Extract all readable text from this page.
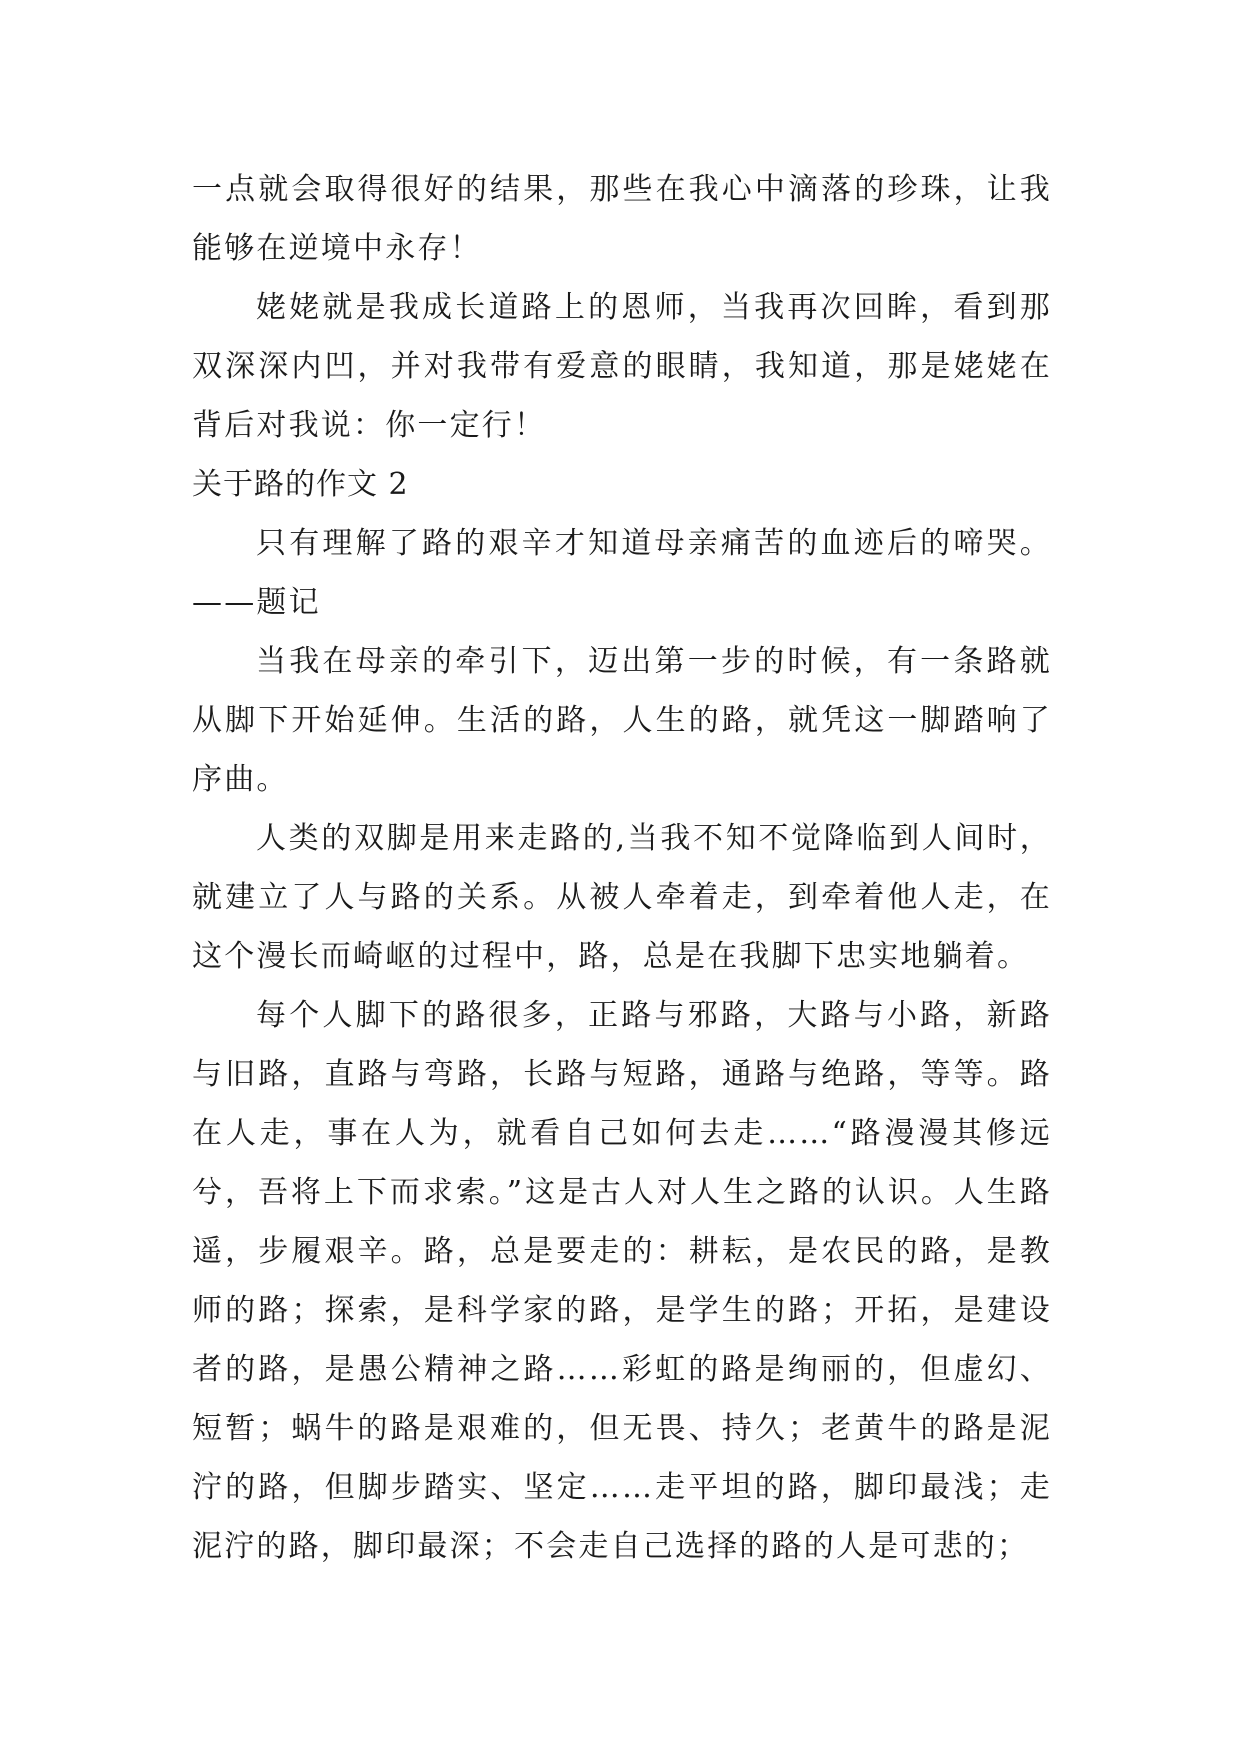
一点就会取得很好的结果，那些在我心中滴落的珍珠，让我能够在逆境中永存！

姥姥就是我成长道路上的恩师，当我再次回眸，看到那双深深内凹，并对我带有爱意的眼睛，我知道，那是姥姥在背后对我说：你一定行！

关于路的作文 2

只有理解了路的艰辛才知道母亲痛苦的血迹后的啼哭。——题记

当我在母亲的牵引下，迈出第一步的时候，有一条路就从脚下开始延伸。生活的路，人生的路，就凭这一脚踏响了序曲。

人类的双脚是用来走路的,当我不知不觉降临到人间时，就建立了人与路的关系。从被人牵着走，到牵着他人走，在这个漫长而崎岖的过程中，路，总是在我脚下忠实地躺着。

每个人脚下的路很多，正路与邪路，大路与小路，新路与旧路，直路与弯路，长路与短路，通路与绝路，等等。路在人走，事在人为，就看自己如何去走……“路漫漫其修远兮，吾将上下而求索。”这是古人对人生之路的认识。人生路遥，步履艰辛。路，总是要走的：耕耘，是农民的路，是教师的路；探索，是科学家的路，是学生的路；开拓，是建设者的路，是愚公精神之路……彩虹的路是绚丽的，但虚幻、短暂；蜗牛的路是艰难的，但无畏、持久；老黄牛的路是泥泞的路，但脚步踏实、坚定……走平坦的路，脚印最浅；走泥泞的路，脚印最深；不会走自己选择的路的人是可悲的；
